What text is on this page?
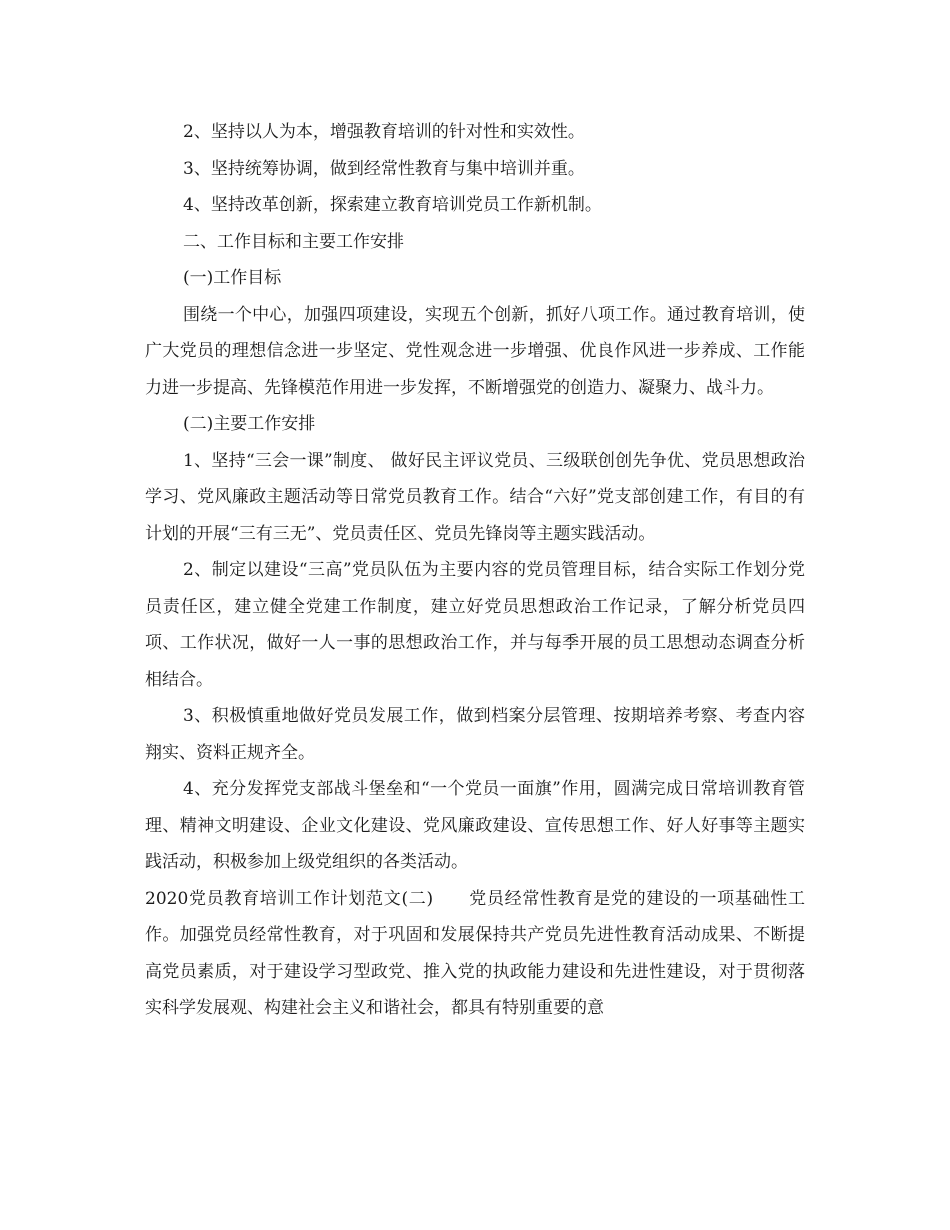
2、坚持以人为本，增强教育培训的针对性和实效性。

3、坚持统筹协调，做到经常性教育与集中培训并重。

4、坚持改革创新，探索建立教育培训党员工作新机制。

二、工作目标和主要工作安排

(一)工作目标

围绕一个中心，加强四项建设，实现五个创新，抓好八项工作。通过教育培训，使广大党员的理想信念进一步坚定、党性观念进一步增强、优良作风进一步养成、工作能力进一步提高、先锋模范作用进一步发挥，不断增强党的创造力、凝聚力、战斗力。

(二)主要工作安排

1、坚持“三会一课”制度、 做好民主评议党员、三级联创创先争优、党员思想政治学习、党风廉政主题活动等日常党员教育工作。结合“六好”党支部创建工作，有目的有计划的开展“三有三无”、党员责任区、党员先锋岗等主题实践活动。

2、制定以建设“三高”党员队伍为主要内容的党员管理目标，结合实际工作划分党员责任区，建立健全党建工作制度，建立好党员思想政治工作记录，了解分析党员四项、工作状况，做好一人一事的思想政治工作，并与每季开展的员工思想动态调查分析相结合。

3、积极慎重地做好党员发展工作，做到档案分层管理、按期培养考察、考查内容翔实、资料正规齐全。

4、充分发挥党支部战斗堡垒和“一个党员一面旗”作用，圆满完成日常培训教育管理、精神文明建设、企业文化建设、党风廉政建设、宣传思想工作、好人好事等主题实践活动，积极参加上级党组织的各类活动。

2020党员教育培训工作计划范文(二)　　党员经常性教育是党的建设的一项基础性工作。加强党员经常性教育，对于巩固和发展保持共产党员先进性教育活动成果、不断提高党员素质，对于建设学习型政党、推入党的执政能力建设和先进性建设，对于贯彻落实科学发展观、构建社会主义和谐社会，都具有特别重要的意
